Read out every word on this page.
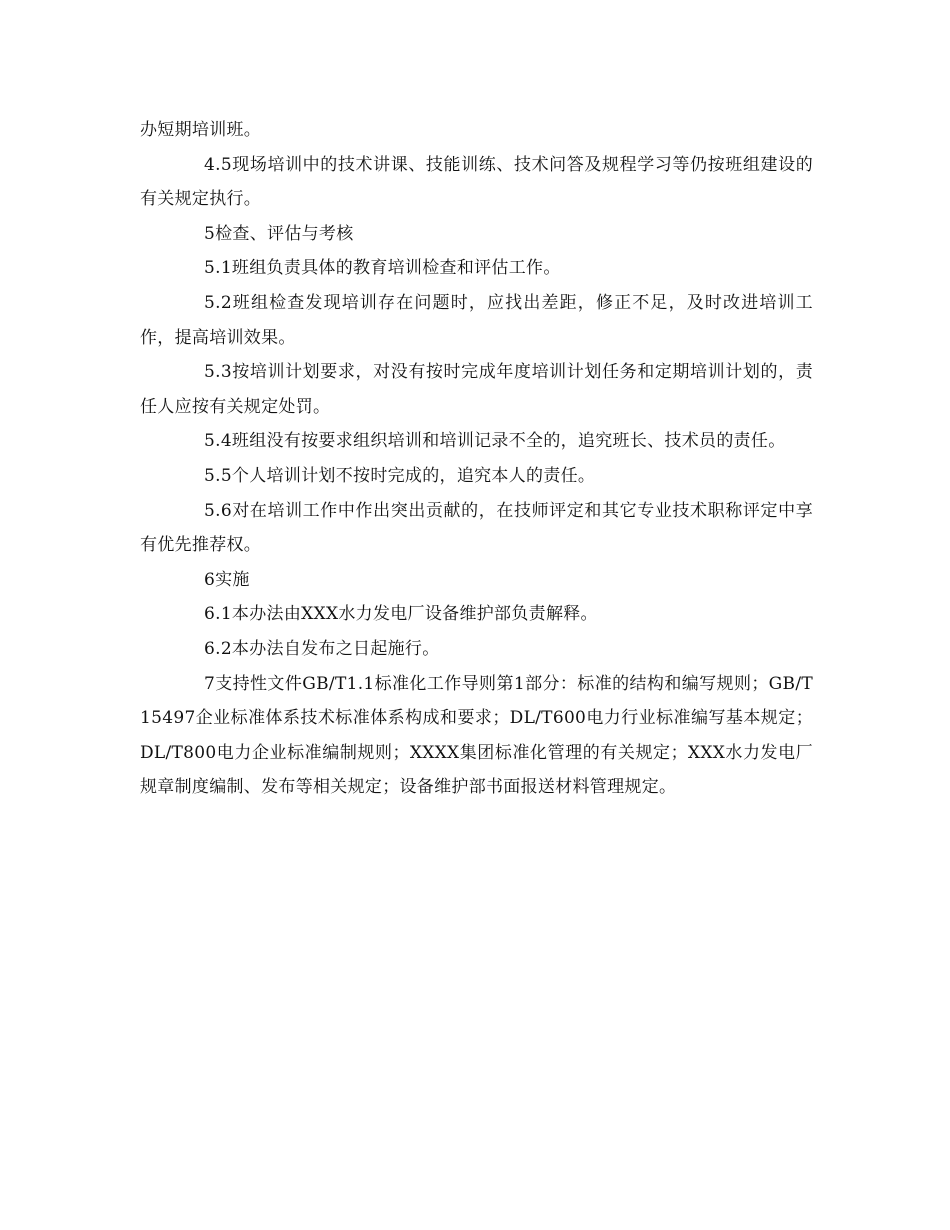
办短期培训班。

4.5现场培训中的技术讲课、技能训练、技术问答及规程学习等仍按班组建设的有关规定执行。

5检查、评估与考核

5.1班组负责具体的教育培训检查和评估工作。

5.2班组检查发现培训存在问题时，应找出差距，修正不足，及时改进培训工作，提高培训效果。

5.3按培训计划要求，对没有按时完成年度培训计划任务和定期培训计划的，责任人应按有关规定处罚。

5.4班组没有按要求组织培训和培训记录不全的，追究班长、技术员的责任。

5.5个人培训计划不按时完成的，追究本人的责任。

5.6对在培训工作中作出突出贡献的，在技师评定和其它专业技术职称评定中享有优先推荐权。

6实施

6.1本办法由XXX水力发电厂设备维护部负责解释。

6.2本办法自发布之日起施行。

7支持性文件GB/T1.1标准化工作导则第1部分：标准的结构和编写规则；GB/T15497企业标准体系技术标准体系构成和要求；DL/T600电力行业标准编写基本规定；DL/T800电力企业标准编制规则；XXXX集团标准化管理的有关规定；XXX水力发电厂规章制度编制、发布等相关规定；设备维护部书面报送材料管理规定。
